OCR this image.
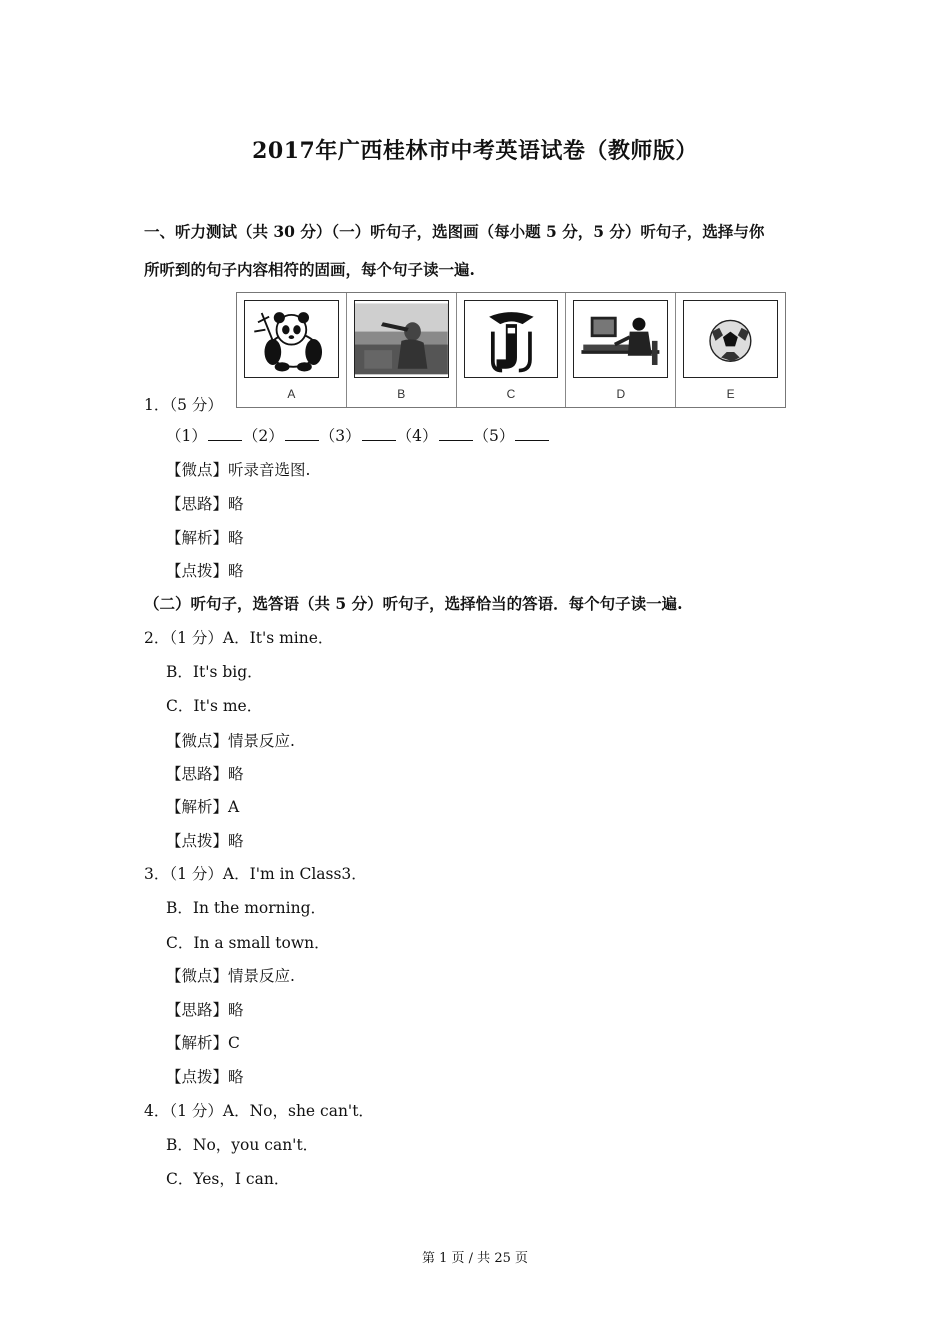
2017年广西桂林市中考英语试卷（教师版）
一、听力测试（共 30 分）（一）听句子，选图画（每小题 5 分，5 分）听句子，选择与你
所听到的句子内容相符的固画，每个句子读一遍.
A	B	C	D	E
1．（5 分）
（1） （2） （3） （4） （5）
【微点】听录音选图.
【思路】略
【解析】略
【点拨】略
（二）听句子，选答语（共 5 分）听句子，选择恰当的答语．每个句子读一遍.
2．（1 分）A．It's mine．
B．It's big．
C．It's me．
【微点】情景反应.
【思路】略
【解析】A
【点拨】略
3．（1 分）A．I'm in Class3．
B．In the morning．
C．In a small town．
【微点】情景反应.
【思路】略
【解析】C
【点拨】略
4．（1 分）A．No，she can't．
B．No，you can't．
C．Yes，I can．
第 1 页 / 共 25 页
